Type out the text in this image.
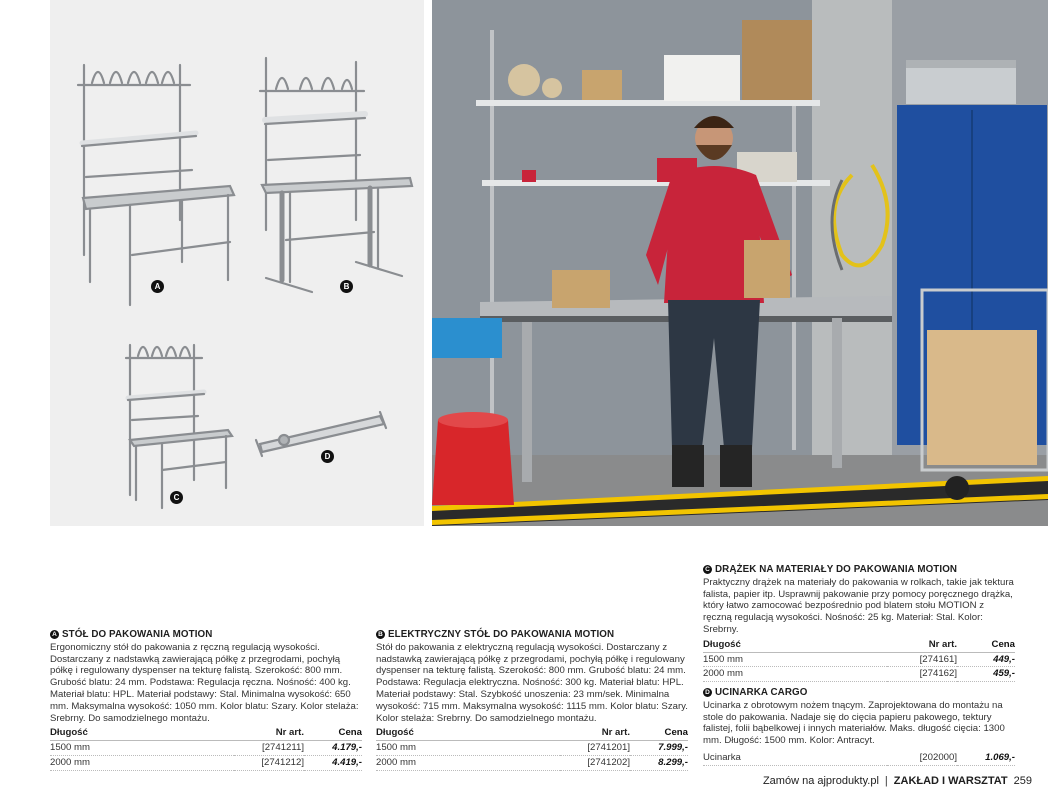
A	B
C
D
A STÓŁ DO PAKOWANIA MOTION
Ergonomiczny stół do pakowania z ręczną regulacją wysokości. Dostarczany z nadstawką zawierającą półkę z przegrodami, pochyłą półkę i regulowany dyspenser na tekturę falistą. Szerokość: 800 mm. Grubość blatu: 24 mm. Podstawa: Regulacja ręczna. Nośność: 400 kg. Materiał blatu: HPL. Materiał podstawy: Stal. Minimalna wysokość: 650 mm. Maksymalna wysokość: 1050 mm. Kolor blatu: Szary. Kolor stelaża: Srebrny. Do samodzielnego montażu.
Długość	Nr art.	Cena
1500 mm	[2741211]	4.179,-
2000 mm	[2741212]	4.419,-
B ELEKTRYCZNY STÓŁ DO PAKOWANIA MOTION
Stół do pakowania z elektryczną regulacją wysokości. Dostarczany z nadstawką zawierającą półkę z przegrodami, pochyłą półkę i regulowany dyspenser na tekturę falistą. Szerokość: 800 mm. Grubość blatu: 24 mm. Podstawa: Regulacja elektryczna. Nośność: 300 kg. Materiał blatu: HPL. Materiał podstawy: Stal. Szybkość unoszenia: 23 mm/sek. Minimalna wysokość: 715 mm. Maksymalna wysokość: 1115 mm. Kolor blatu: Szary. Kolor stelaża: Srebrny. Do samodzielnego montażu.
Długość	Nr art.	Cena
1500 mm	[2741201]	7.999,-
2000 mm	[2741202]	8.299,-
C DRĄŻEK NA MATERIAŁY DO PAKOWANIA MOTION
Praktyczny drążek na materiały do pakowania w rolkach, takie jak tektura falista, papier itp. Usprawnij pakowanie przy pomocy poręcznego drążka, który łatwo zamocować bezpośrednio pod blatem stołu MOTION z ręczną regulacją wysokości. Nośność: 25 kg. Materiał: Stal. Kolor: Srebrny.
Długość	Nr art.	Cena
1500 mm	[274161]	449,-
2000 mm	[274162]	459,-
D UCINARKA CARGO
Ucinarka z obrotowym nożem tnącym. Zaprojektowana do montażu na stole do pakowania. Nadaje się do cięcia papieru pakowego, tektury falistej, folii bąbelkowej i innych materiałów. Maks. długość cięcia: 1300 mm. Długość: 1500 mm. Kolor: Antracyt.
Ucinarka	[202000]	1.069,-
Zamów na ajprodukty.pl | ZAKŁAD I WARSZTAT 259
